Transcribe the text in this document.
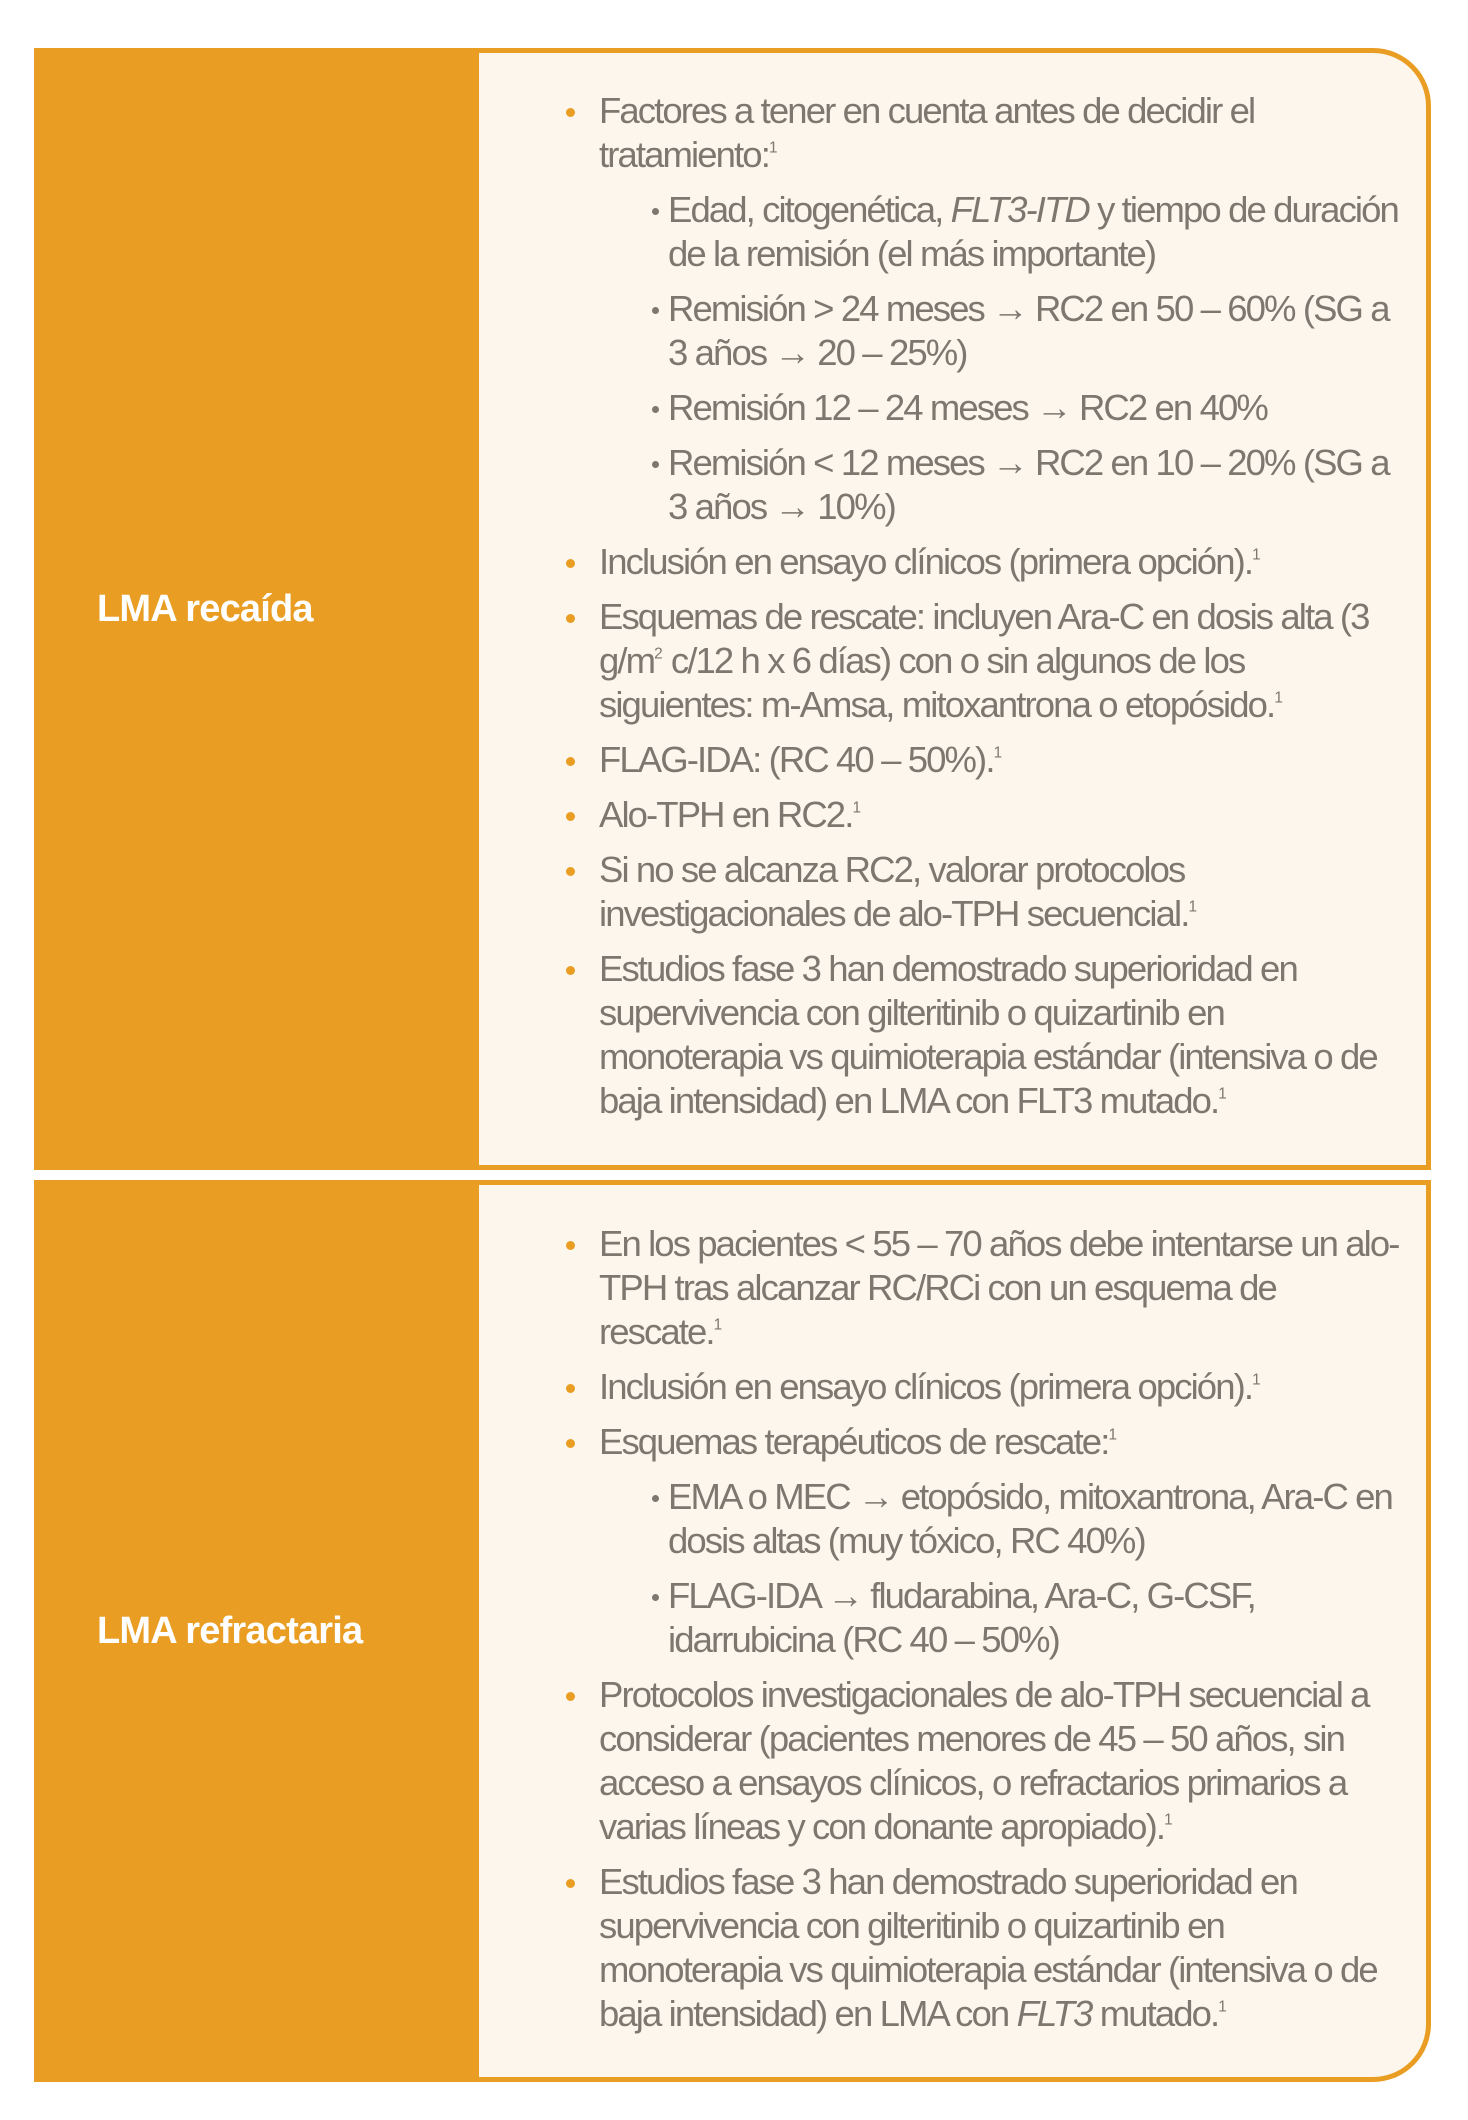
LMA recaída
Factores a tener en cuenta antes de decidir el tratamiento:$^1$
Edad, citogenética, FLT3-ITD y tiempo de duración de la remisión (el más importante)
Remisión > 24 meses → RC2 en 50 – 60% (SG a 3 años → 20 – 25%)
Remisión 12 – 24 meses → RC2 en 40%
Remisión < 12 meses → RC2 en 10 – 20% (SG a 3 años → 10%)
Inclusión en ensayo clínicos (primera opción).$^1$
Esquemas de rescate: incluyen Ara-C en dosis alta (3 $g/m^2$ c/12 h x 6 días) con o sin algunos de los siguientes: m-Amsa, mitoxantrona o etopósido.$^1$
FLAG-IDA: (RC 40 – 50%).$^1$
Alo-TPH en RC2.$^1$
Si no se alcanza RC2, valorar protocolos investigacionales de alo-TPH secuencial.$^1$
Estudios fase 3 han demostrado superioridad en supervivencia con gilteritinib o quizartinib en monoterapia vs quimioterapia estándar (intensiva o de baja intensidad) en LMA con FLT3 mutado.$^1$
LMA refractaria
En los pacientes < 55 – 70 años debe intentarse un alo-TPH tras alcanzar RC/RCi con un esquema de rescate.$^1$
Inclusión en ensayo clínicos (primera opción).$^1$
Esquemas terapéuticos de rescate:$^1$
EMA o MEC → etopósido, mitoxantrona, Ara-C en dosis altas (muy tóxico, RC 40%)
FLAG-IDA → fludarabina, Ara-C, G-CSF, idarrubicina (RC 40 – 50%)
Protocolos investigacionales de alo-TPH secuencial a considerar (pacientes menores de 45 – 50 años, sin acceso a ensayos clínicos, o refractarios primarios a varias líneas y con donante apropiado).$^1$
Estudios fase 3 han demostrado superioridad en supervivencia con gilteritinib o quizartinib en monoterapia vs quimioterapia estándar (intensiva o de baja intensidad) en LMA con FLT3 mutado.$^1$
